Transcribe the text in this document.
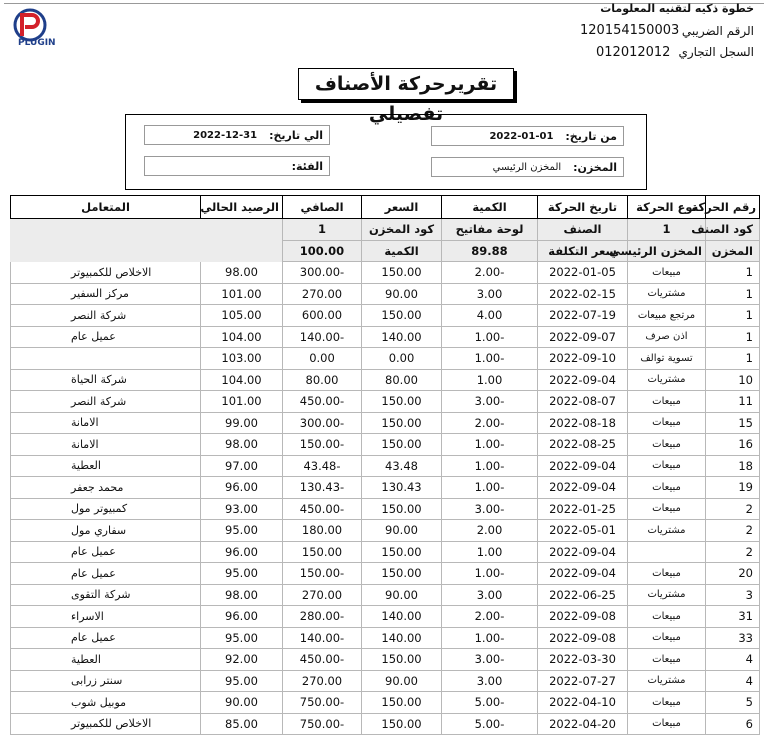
PLUGIN
خطوة ذكيه لتقنيه المعلومات
الرقم الضريبي
120154150003
السجل التجاري
012012012
تقريرحركة الأصناف تفصيلي
من تاريخ:
2022-01-01
الي تاريخ:
2022-12-31
المخزن:
المخزن الرئيسي
الفئة:
رقم الحركة	نوع الحركة	تاريخ الحركة	الكمية	السعر	الصافي	الرصيد الحالي	المتعامل
كود الصنف	1	الصنف	لوحة مفاتيح	كود المخزن	1		
المخزن	المخزن الرئيسي	سعر التكلفة	89.88	الكمية	100.00		
1	مبيعات	2022-01-05	-2.00	150.00	-300.00	98.00	الاخلاص للكمبيوتر
1	مشتريات	2022-02-15	3.00	90.00	270.00	101.00	مركز السفير
1	مرتجع مبيعات	2022-07-19	4.00	150.00	600.00	105.00	شركة النصر
1	اذن صرف	2022-09-07	-1.00	140.00	-140.00	104.00	عميل عام
1	تسوية توالف	2022-09-10	-1.00	0.00	0.00	103.00	
10	مشتريات	2022-09-04	1.00	80.00	80.00	104.00	شركة الحياة
11	مبيعات	2022-08-07	-3.00	150.00	-450.00	101.00	شركة النصر
15	مبيعات	2022-08-18	-2.00	150.00	-300.00	99.00	الامانة
16	مبيعات	2022-08-25	-1.00	150.00	-150.00	98.00	الامانة
18	مبيعات	2022-09-04	-1.00	43.48	-43.48	97.00	العطية
19	مبيعات	2022-09-04	-1.00	130.43	-130.43	96.00	محمد جعفر
2	مبيعات	2022-01-25	-3.00	150.00	-450.00	93.00	كمبيوتر مول
2	مشتريات	2022-05-01	2.00	90.00	180.00	95.00	سفاري مول
2		2022-09-04	1.00	150.00	150.00	96.00	عميل عام
20	مبيعات	2022-09-04	-1.00	150.00	-150.00	95.00	عميل عام
3	مشتريات	2022-06-25	3.00	90.00	270.00	98.00	شركة التقوى
31	مبيعات	2022-09-08	-2.00	140.00	-280.00	96.00	الاسراء
33	مبيعات	2022-09-08	-1.00	140.00	-140.00	95.00	عميل عام
4	مبيعات	2022-03-30	-3.00	150.00	-450.00	92.00	العطية
4	مشتريات	2022-07-27	3.00	90.00	270.00	95.00	سنتر زرابى
5	مبيعات	2022-04-10	-5.00	150.00	-750.00	90.00	موبيل شوب
6	مبيعات	2022-04-20	-5.00	150.00	-750.00	85.00	الاخلاص للكمبيوتر
